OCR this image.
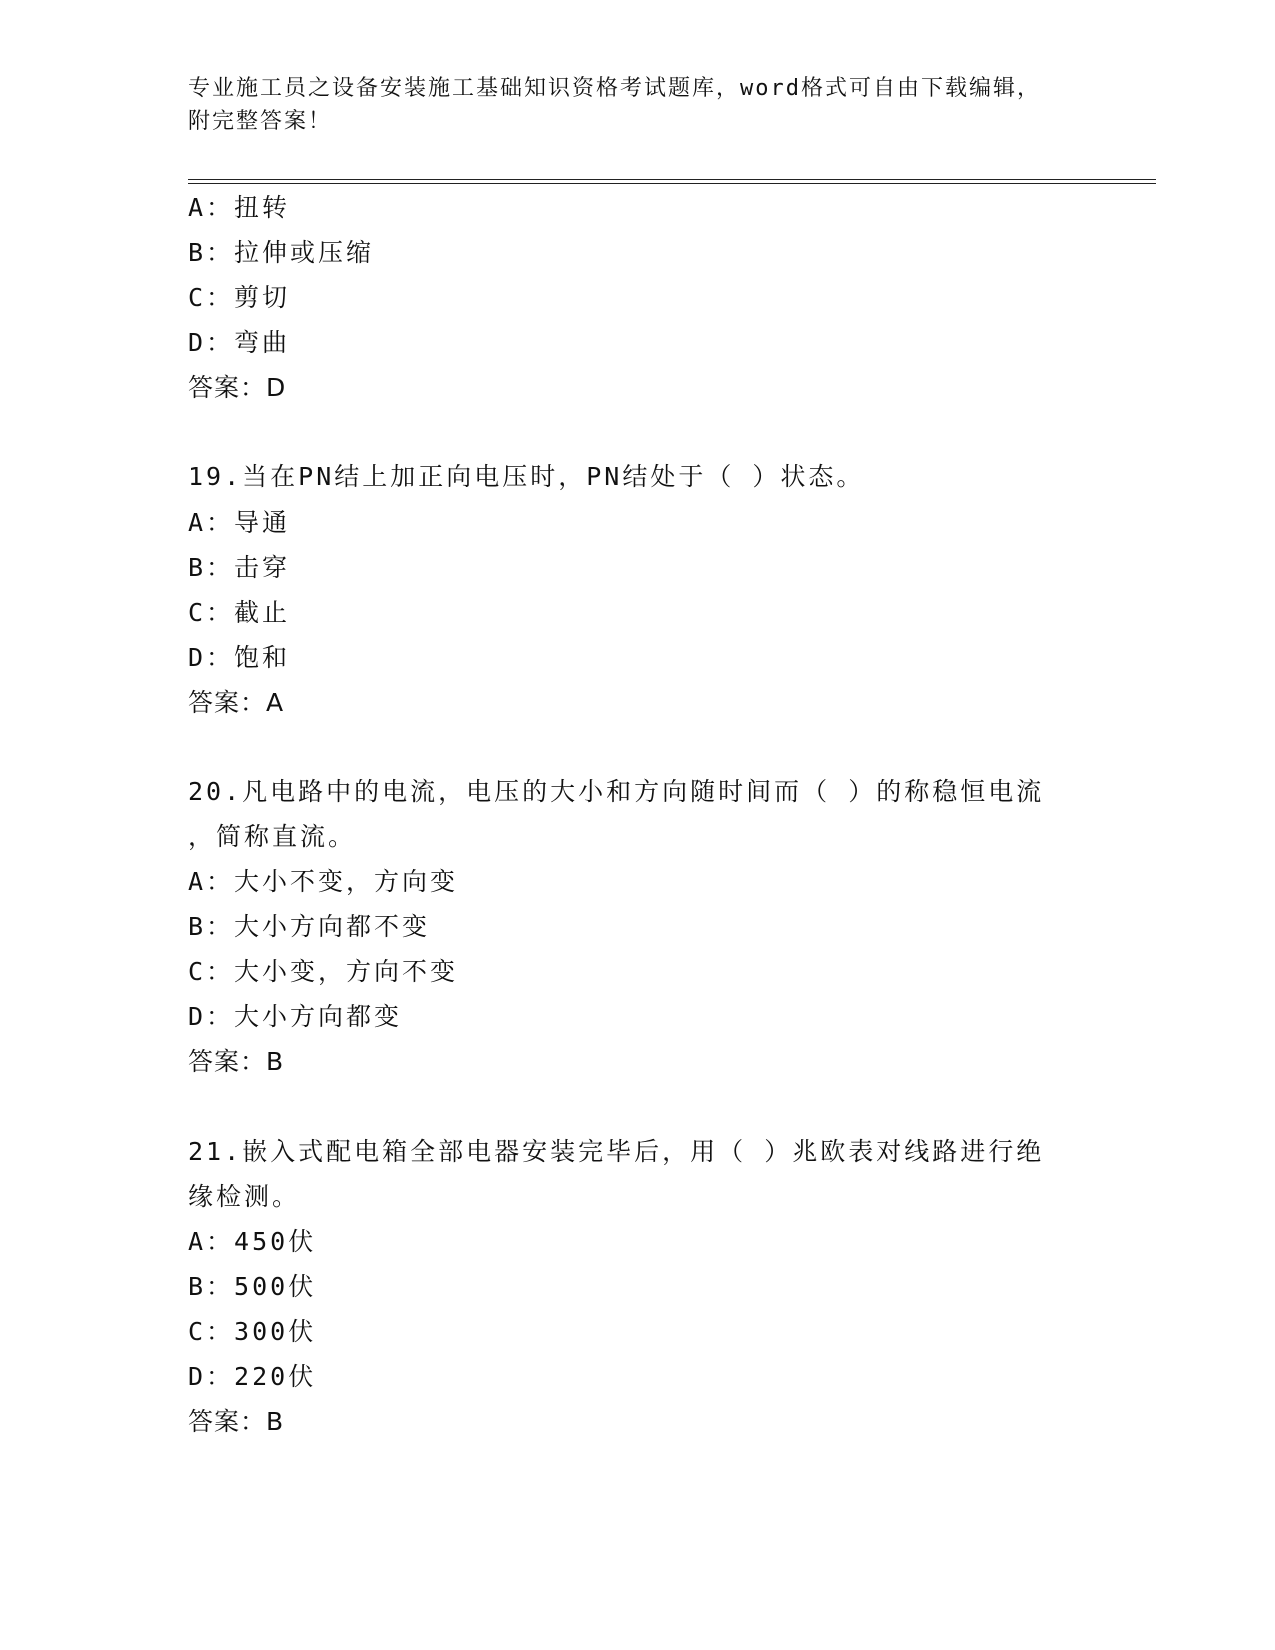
专业施工员之设备安装施工基础知识资格考试题库，word格式可自由下载编辑，
附完整答案！
A：扭转
B：拉伸或压缩
C：剪切
D：弯曲
答案：D
19.当在PN结上加正向电压时，PN结处于（ ）状态。
A：导通
B：击穿
C：截止
D：饱和
答案：A
20.凡电路中的电流，电压的大小和方向随时间而（ ）的称稳恒电流
，简称直流。
A：大小不变，方向变
B：大小方向都不变
C：大小变，方向不变
D：大小方向都变
答案：B
21.嵌入式配电箱全部电器安装完毕后，用（ ）兆欧表对线路进行绝
缘检测。
A：450伏
B：500伏
C：300伏
D：220伏
答案：B
